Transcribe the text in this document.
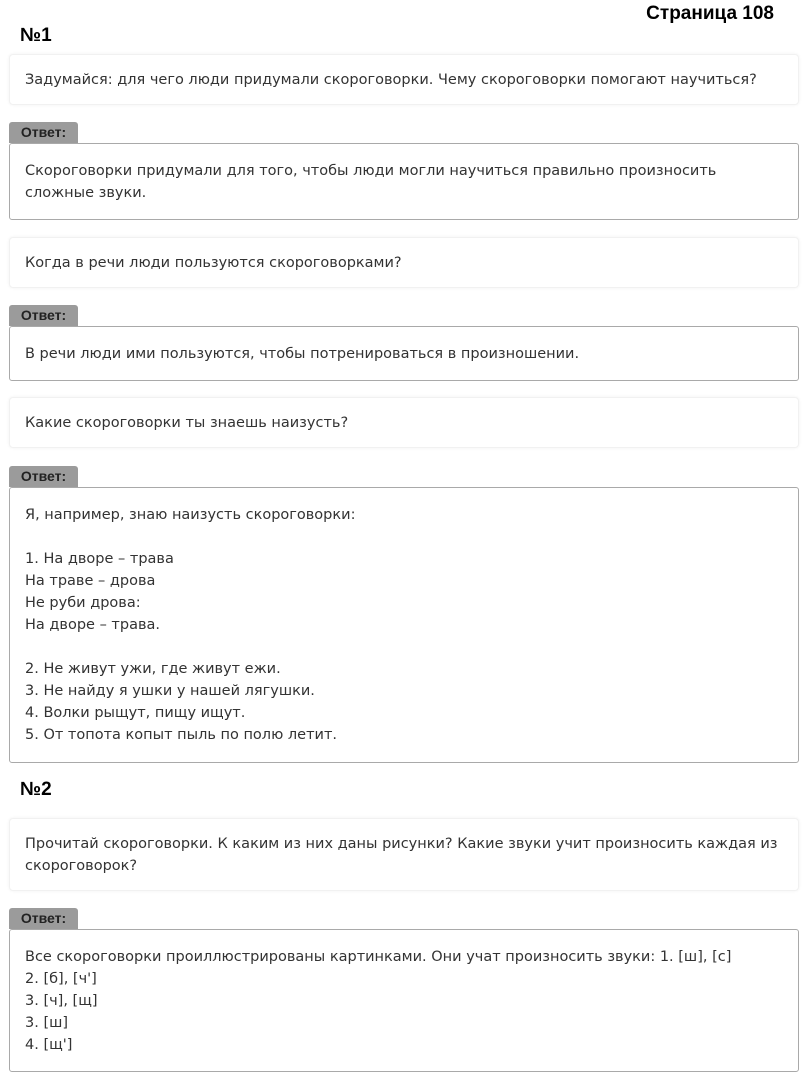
Страница 108
№1
Задумайся: для чего люди придумали скороговорки. Чему скороговорки помогают научиться?
Ответ:
Скороговорки придумали для того, чтобы люди могли научиться правильно произносить сложные звуки.
Когда в речи люди пользуются скороговорками?
Ответ:
В речи люди ими пользуются, чтобы потренироваться в произношении.
Какие скороговорки ты знаешь наизусть?
Ответ:
Я, например, знаю наизусть скороговорки:

1. На дворе – трава
На траве – дрова
Не руби дрова:
На дворе – трава.

2. Не живут ужи, где живут ежи.
3. Не найду я ушки у нашей лягушки.
4. Волки рыщут, пищу ищут.
5. От топота копыт пыль по полю летит.
№2
Прочитай скороговорки. К каким из них даны рисунки? Какие звуки учит произносить каждая из скороговорок?
Ответ:
Все скороговорки проиллюстрированы картинками. Они учат произносить звуки: 1. [ш], [с]
2. [б], [ч']
3. [ч], [щ]
3. [ш]
4. [щ']
